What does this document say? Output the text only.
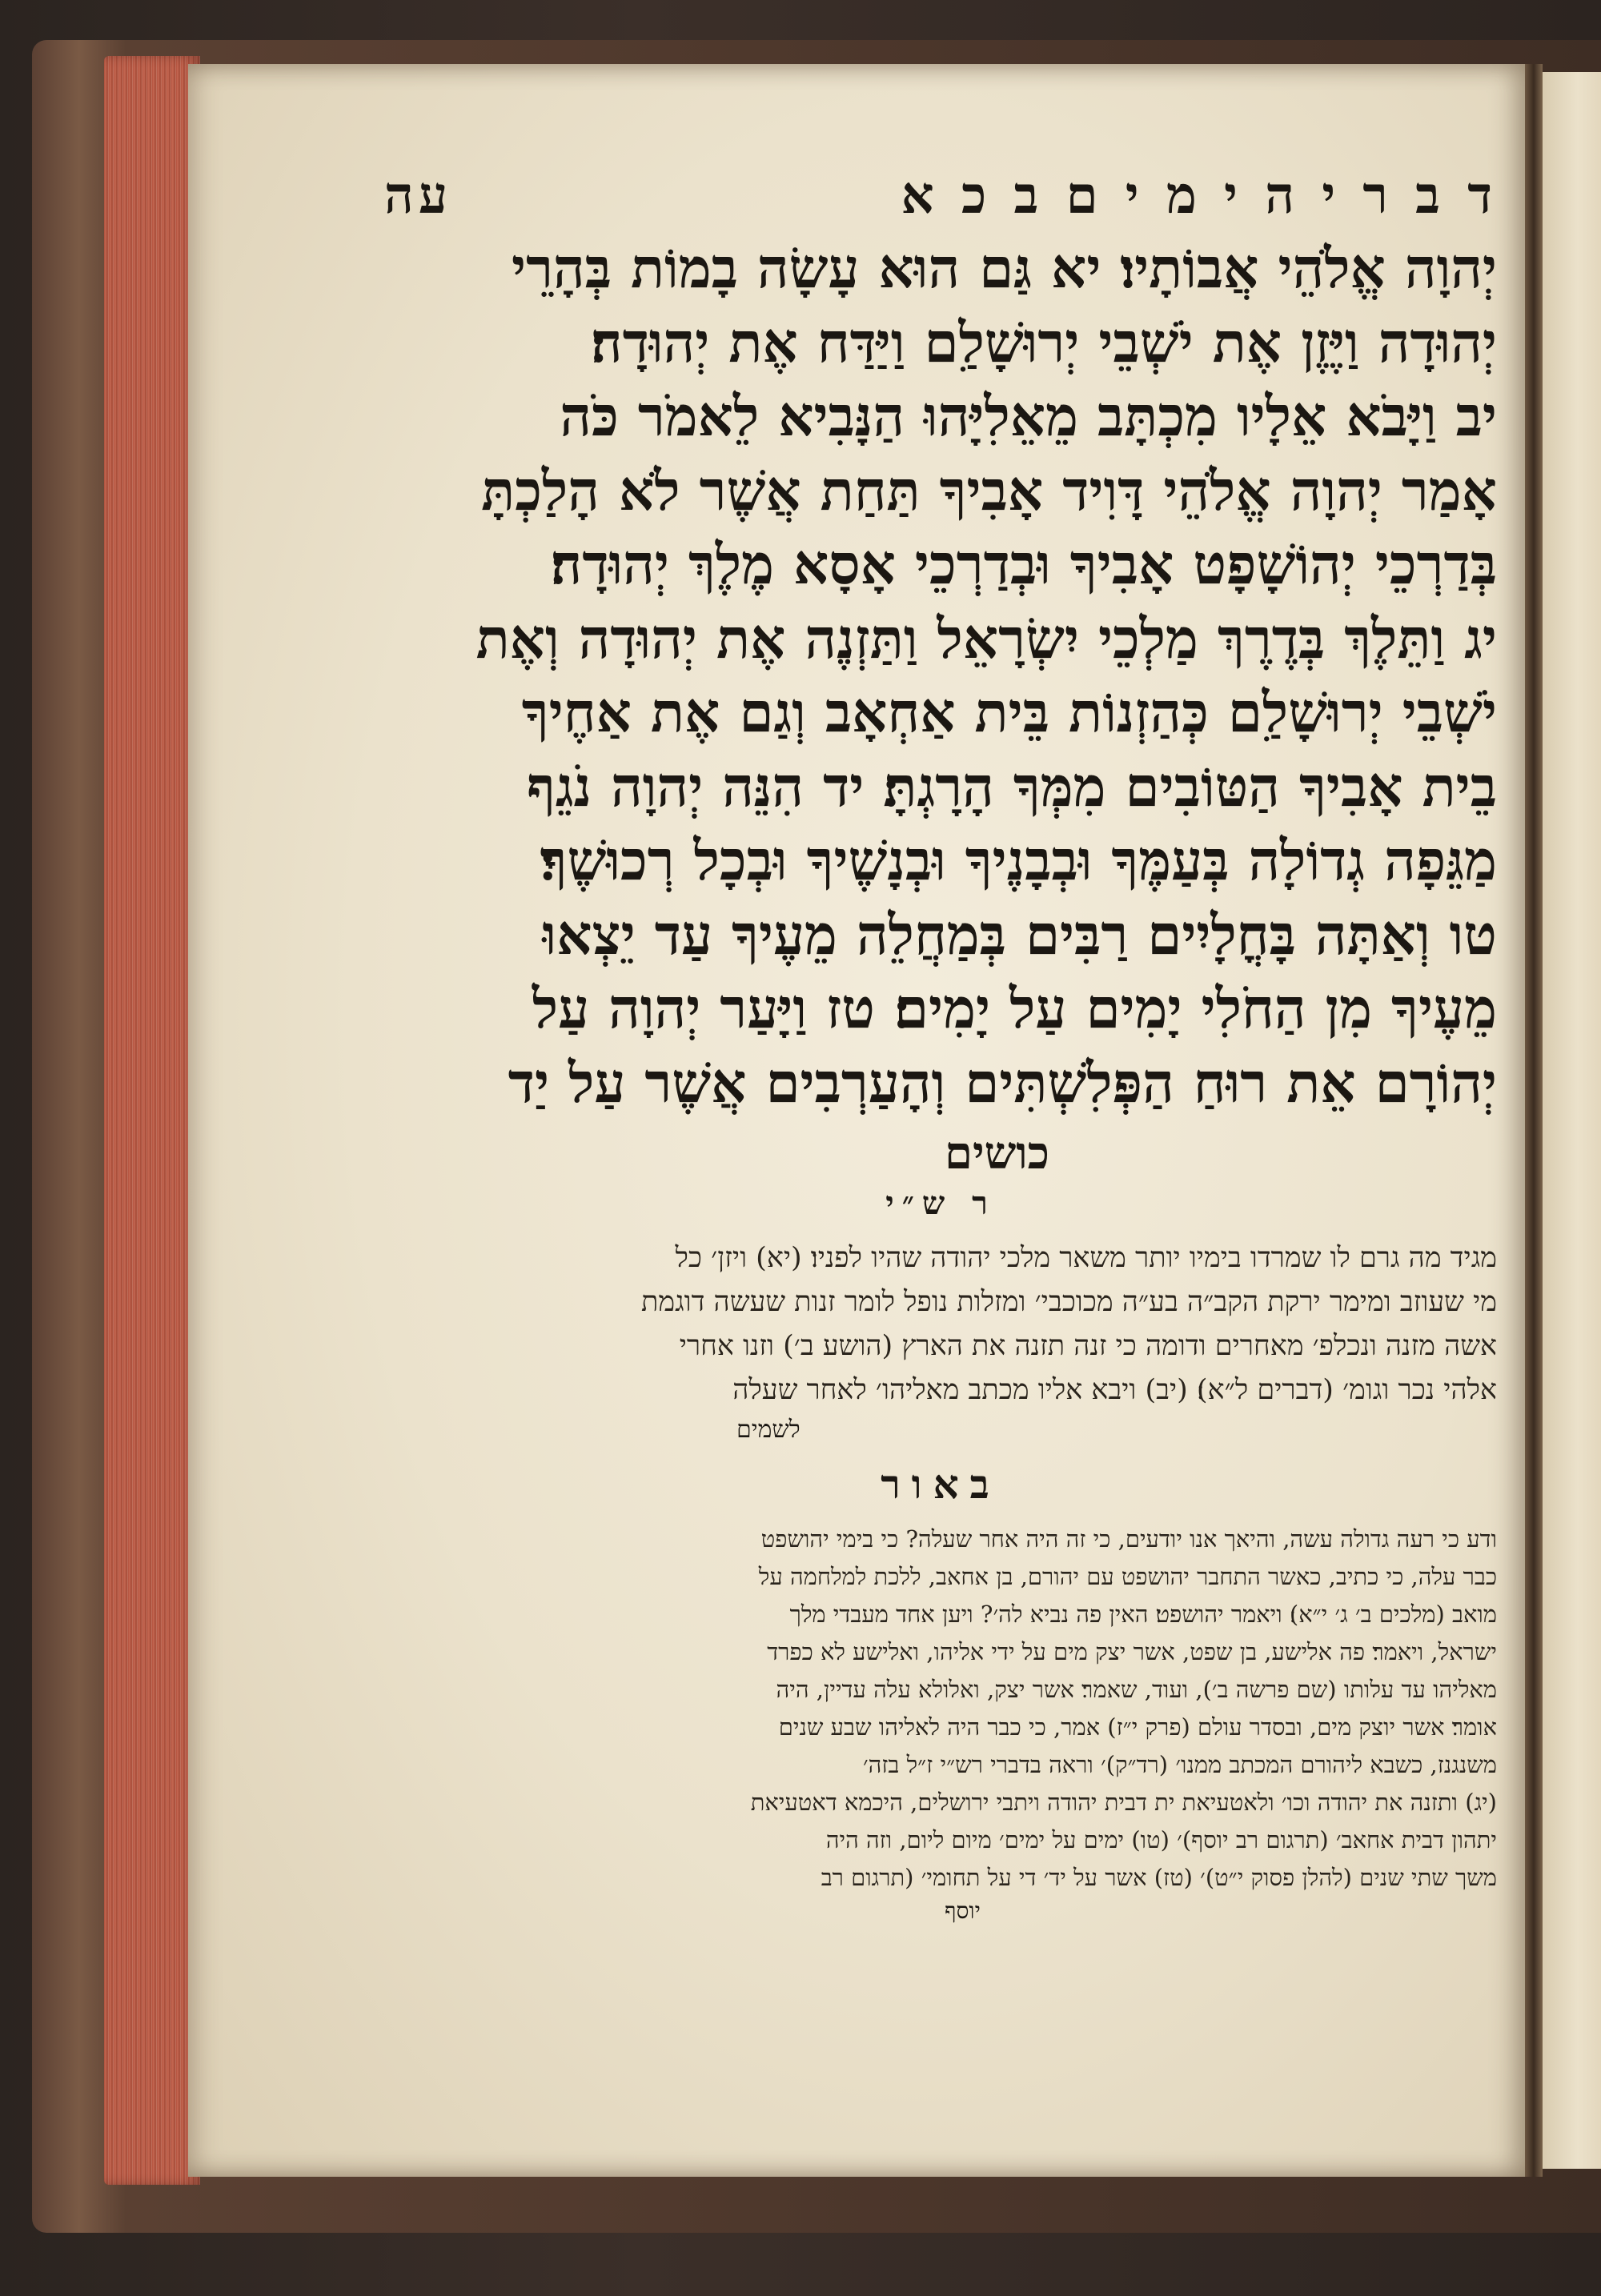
ד ב ר י ה י מ י ם ב כ א
עה
יְהוָה אֱלֹהֵי אֲבוֹתָיו׃ יא גַּם הוּא עָשָׂה בָמוֹת בְּהָרֵי
יְהוּדָה וַיֶּזֶן אֶת יֹשְׁבֵי יְרוּשָׁלִַם וַיַּדַּח אֶת יְהוּדָה׃
יב וַיָּבֹא אֵלָיו מִכְתָּב מֵאֵלִיָּהוּ הַנָּבִיא לֵאמֹר כֹּה
אָמַר יְהוָה אֱלֹהֵי דָּוִיד אָבִיךָ תַּחַת אֲשֶׁר לֹא הָלַכְתָּ
בְּדַרְכֵי יְהוֹשָׁפָט אָבִיךָ וּבְדַרְכֵי אָסָא מֶלֶךְ יְהוּדָה׃
יג וַתֵּלֶךְ בְּדֶרֶךְ מַלְכֵי יִשְׂרָאֵל וַתַּזְנֶה אֶת יְהוּדָה וְאֶת
יֹשְׁבֵי יְרוּשָׁלִַם כְּהַזְנוֹת בֵּית אַחְאָב וְגַם אֶת אַחֶיךָ
בֵית אָבִיךָ הַטּוֹבִים מִמְּךָ הָרָגְתָּ׃ יד הִנֵּה יְהוָה נֹגֵף
מַגֵּפָה גְדוֹלָה בְּעַמֶּךָ וּבְבָנֶיךָ וּבְנָשֶׁיךָ וּבְכָל רְכוּשֶׁךָ׃
טו וְאַתָּה בָּחֳלָיִים רַבִּים בְּמַחֲלֵה מֵעֶיךָ עַד יֵצְאוּ
מֵעֶיךָ מִן הַחֹלִי יָמִים עַל יָמִים׃ טז וַיָּעַר יְהוָה עַל
יְהוֹרָם אֵת רוּחַ הַפְּלִשְׁתִּים וְהָעַרְבִים אֲשֶׁר עַל יַד
כושים
ר ש״י
מגיד מה גרם לו שמרדו בימיו יותר משאר מלכי יהודה שהיו לפניו׃ (יא) ויזן׳ כל
מי שעוזב ומימר ירקת הקב״ה בע״ה מכוכבי׳ ומזלות נופל לומר זנות שעשה דוגמת
אשה מזנה ונכלפ׳ מאחרים ודומה כי זנה תזנה את הארץ (הושע ב׳) וזנו אחרי
אלהי נכר וגומ׳ (דברים ל״א)׃ (יב) ויבא אליו מכתב מאליהו׳ לאחר שעלה
לשמים
באור
ודע כי רעה גדולה עשה, והיאך אנו יודעים, כי זה היה אחר שעלה? כי בימי יהושפט
כבר עלה, כי כתיב, כאשר התחבר יהושפט עם יהורם, בן אחאב, ללכת למלחמה על
מואב (מלכים ב׳ ג׳ י״א)׃ ויאמר יהושפט׃ האין פה נביא לה׳? ויען אחד מעבדי מלך
ישראל, ויאמר׃ פה אלישע, בן שפט, אשר יצק מים על ידי אליהו, ואלישע לא כפרד
מאליהו עד עלותו (שם פרשה ב׳), ועוד, שאמר׃ אשר יצק, ואלולא עלה עדיין, היה
אומר׃ אשר יוצק מים, ובסדר עולם (פרק י״ז) אמר, כי כבר היה לאליהו שבע שנים
משנגנז, כשבא ליהורם המכתב ממנו׳ (רד״ק)׳ וראה בדברי רש״י ז״ל בזה׳
(יג) ותזנה את יהודה וכו׳ ולאטעיאת ית דבית יהודה ויתבי ירושלים, היכמא דאטעיאת
יתהון דבית אחאב׳ (תרגום רב יוסף)׳ (טו) ימים על ימים׳ מיום ליום, וזה היה
משך שתי שנים (להלן פסוק י״ט)׳ (טז) אשר על יד׳ די על תחומי׳ (תרגום רב
יוסף
